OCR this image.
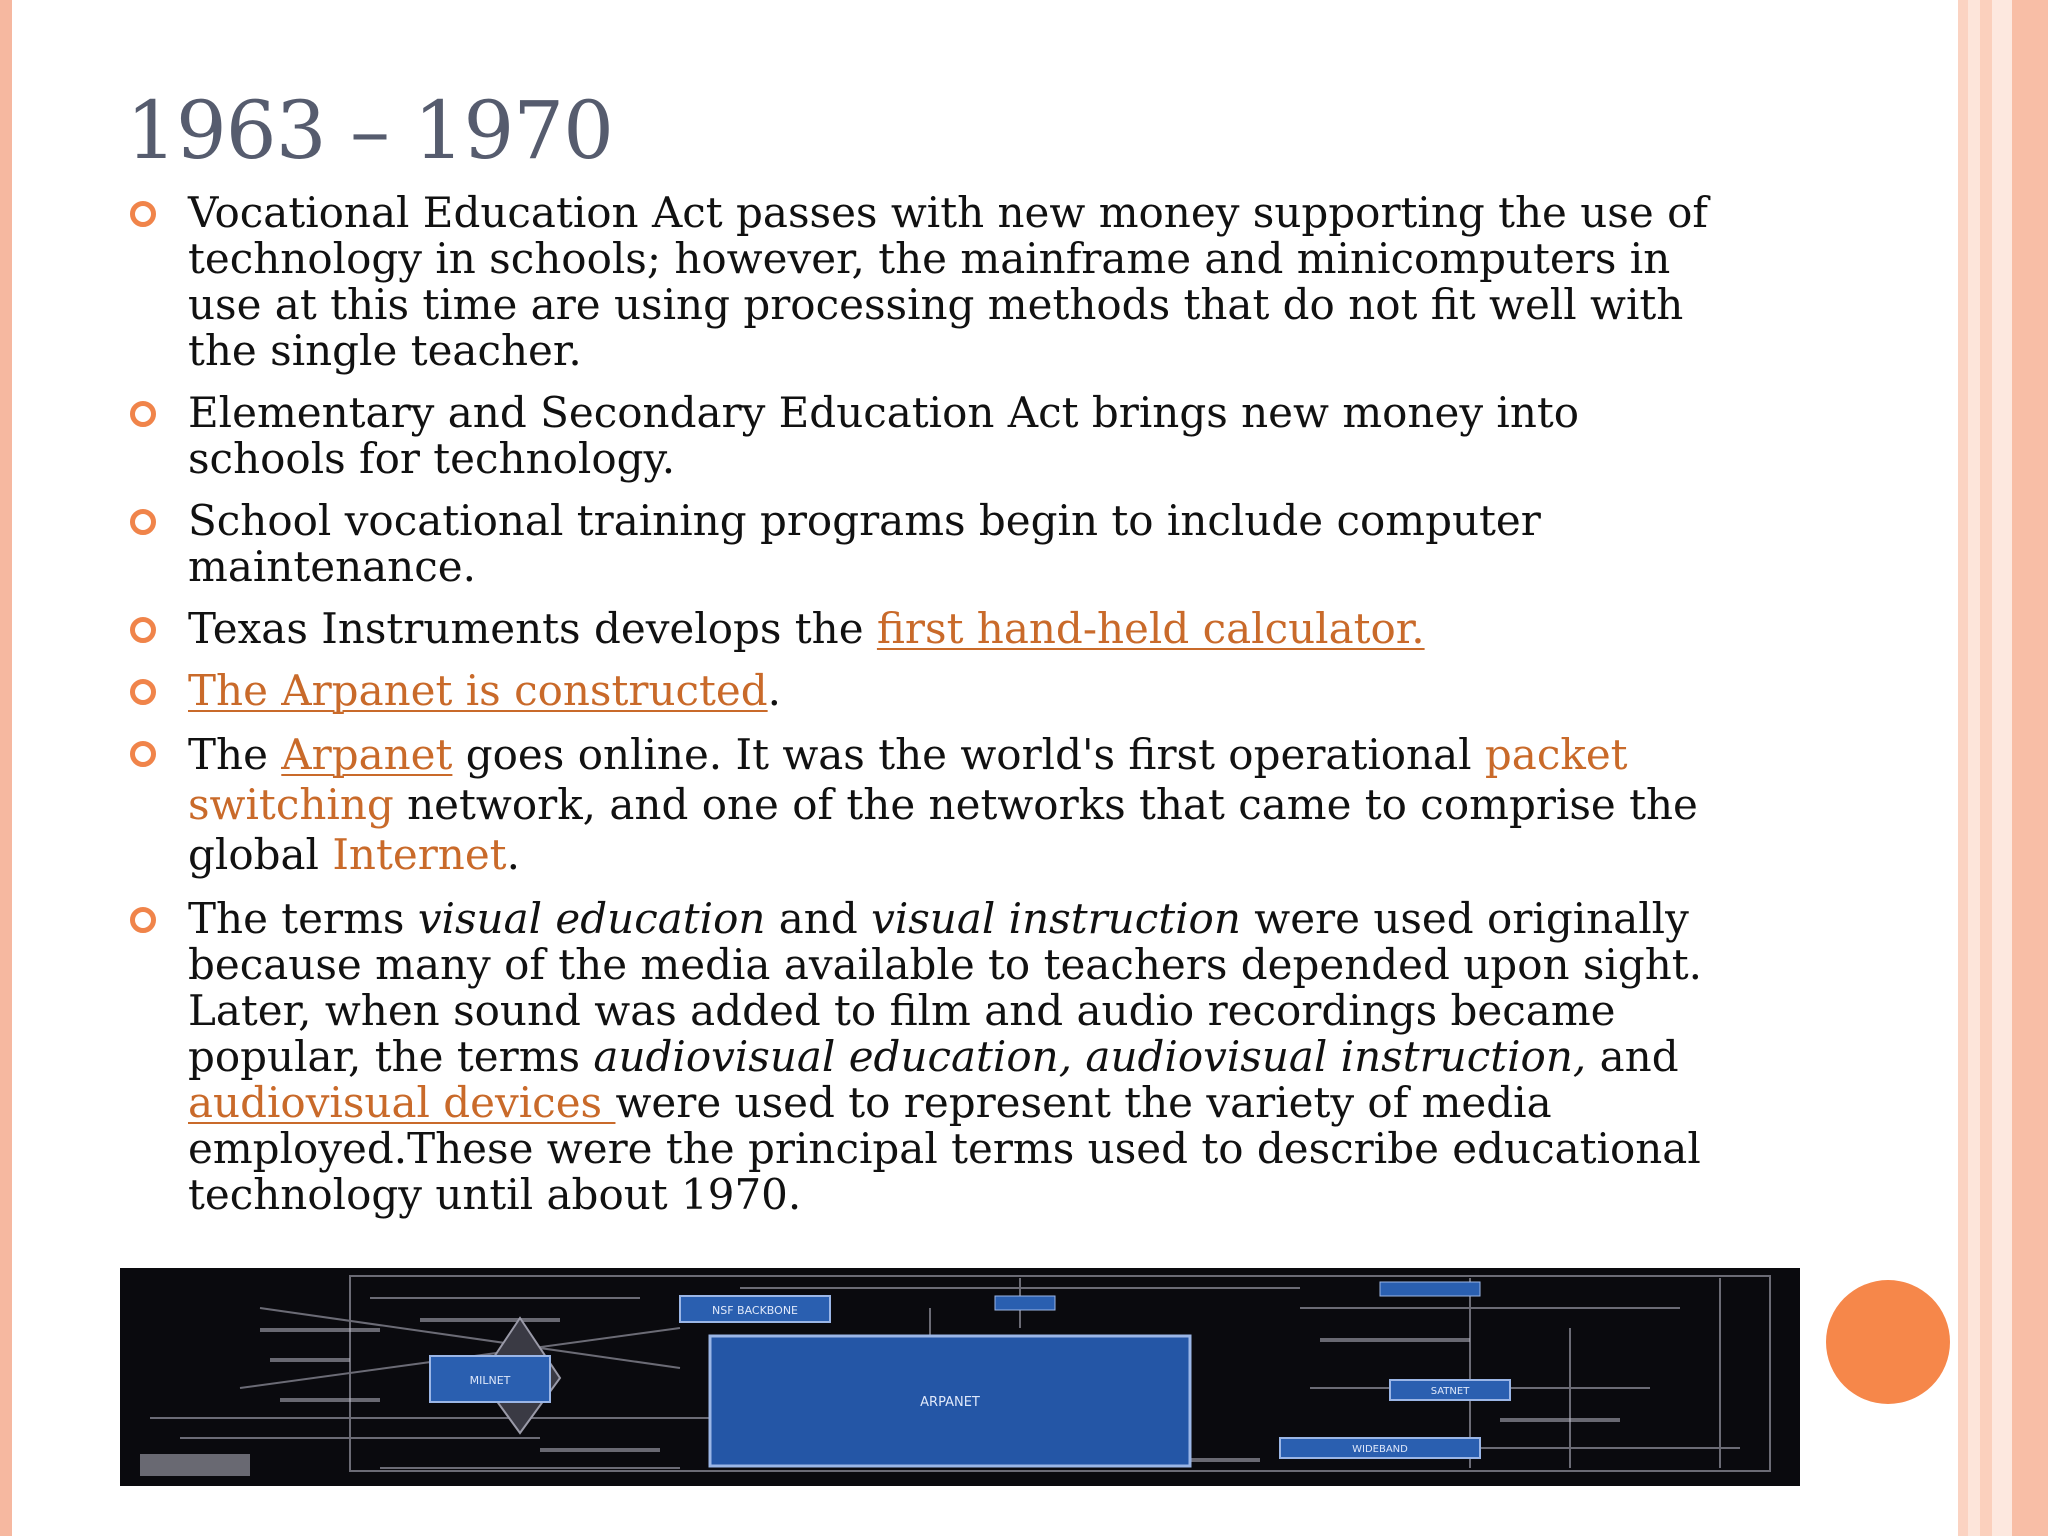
1963 – 1970
Vocational Education Act passes with new money supporting the use of technology in schools; however, the mainframe and minicomputers in use at this time are using processing methods that do not fit well with the single teacher.
Elementary and Secondary Education Act brings new money into schools for technology.
School vocational training programs begin to include computer maintenance.
Texas Instruments develops the first hand-held calculator.
The Arpanet is constructed.
The Arpanet goes online. It was the world's first operational packet switching network, and one of the networks that came to comprise the global Internet.
The terms visual education and visual instruction were used originally because many of the media available to teachers depended upon sight. Later, when sound was added to film and audio recordings became popular, the terms audiovisual education, audiovisual instruction, and audiovisual devices were used to represent the variety of media employed.These were the principal terms used to describe educational technology until about 1970.
NSF BACKBONE
MILNET
ARPANET
SATNET
WIDEBAND
